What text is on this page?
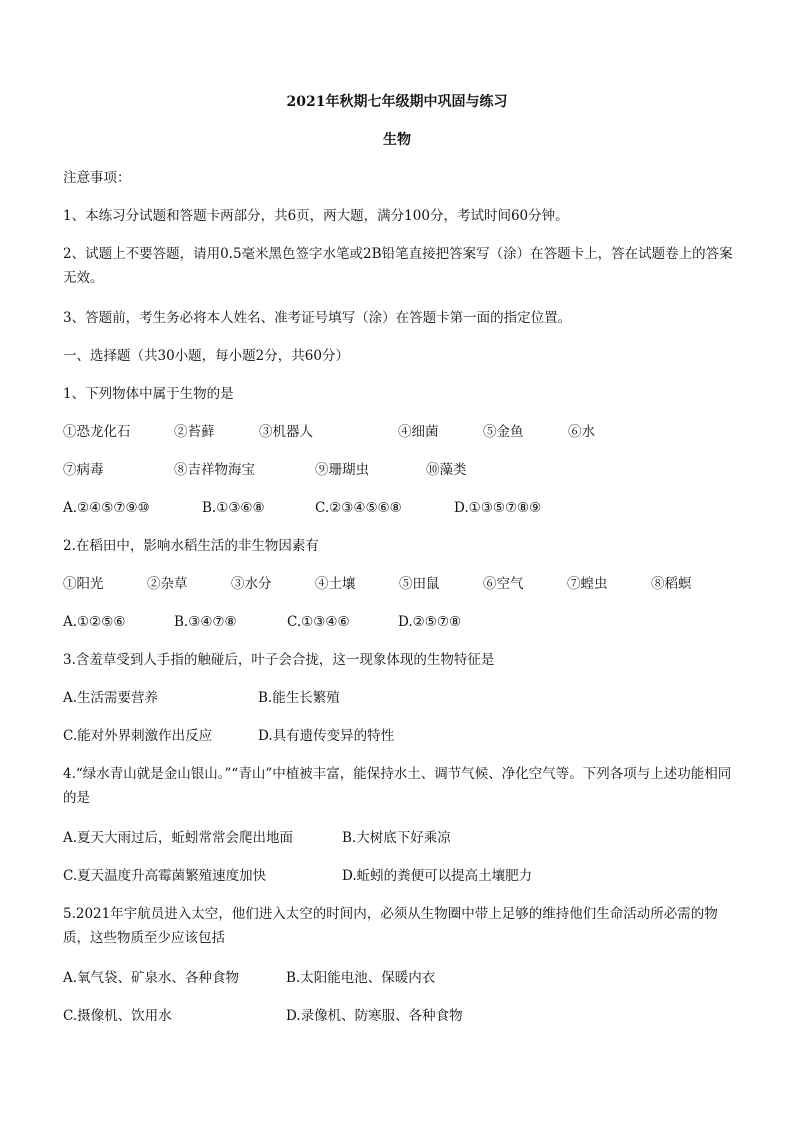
2021年秋期七年级期中巩固与练习
生物
注意事项：
1、本练习分试题和答题卡两部分，共6页，两大题，满分100分，考试时间60分钟。
2、试题上不要答题，请用0.5毫米黑色签字水笔或2B铅笔直接把答案写（涂）在答题卡上，答在试题卷上的答案无效。
3、答题前，考生务必将本人姓名、准考证号填写（涂）在答题卡第一面的指定位置。
一、选择题（共30小题，每小题2分，共60分）
1、下列物体中属于生物的是
①恐龙化石	②苔藓	③机器人	④细菌	⑤金鱼	⑥水
⑦病毒	⑧吉祥物海宝	⑨珊瑚虫	⑩藻类
A.②④⑤⑦⑨⑩	B.①③⑥⑧	C.②③④⑤⑥⑧	D.①③⑤⑦⑧⑨
2.在稻田中，影响水稻生活的非生物因素有
①阳光	②杂草	③水分	④土壤	⑤田鼠	⑥空气	⑦蝗虫	⑧稻螟
A.①②⑤⑥	B.③④⑦⑧	C.①③④⑥	D.②⑤⑦⑧
3.含羞草受到人手指的触碰后，叶子会合拢，这一现象体现的生物特征是
A.生活需要营养	B.能生长繁殖
C.能对外界刺激作出反应	D.具有遗传变异的特性
4.“绿水青山就是金山银山。”“青山”中植被丰富，能保持水土、调节气候、净化空气等。下列各项与上述功能相同的是
A.夏天大雨过后，蚯蚓常常会爬出地面	B.大树底下好乘凉
C.夏天温度升高霉菌繁殖速度加快	D.蚯蚓的粪便可以提高土壤肥力
5.2021年宇航员进入太空，他们进入太空的时间内，必须从生物圈中带上足够的维持他们生命活动所必需的物质，这些物质至少应该包括
A.氧气袋、矿泉水、各种食物	B.太阳能电池、保暖内衣
C.摄像机、饮用水	D.录像机、防寒服、各种食物
